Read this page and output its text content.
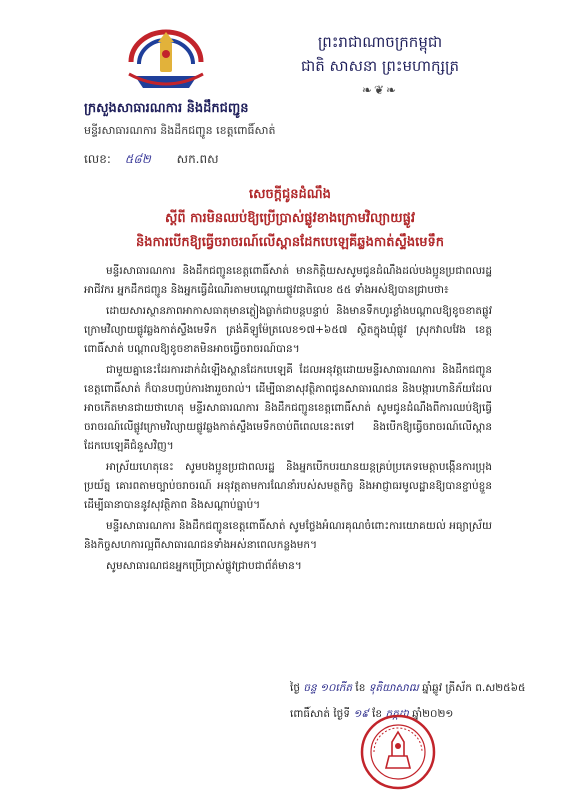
ព្រះរាជាណាចក្រកម្ពុជា
ជាតិ សាសនា ព្រះមហាក្សត្រ
❧❦❧
ក្រសួងសាធារណការ និងដឹកជញ្ជូន
មន្ទីរសាធារណការ និងដឹកជញ្ជូន ខេត្តពោធិ៍សាត់
លេខ: ៥៨២ សក.ពស
សេចក្តីជូនដំណឹង
ស្តីពី ការមិនឈប់ឱ្យប្រើប្រាស់ផ្លូវខាងក្រោមវិល្យាយផ្លូវ
និងការបើកឱ្យធ្វើចរាចរណ៍លើស្ពានដែកបេឡេគីឆ្លងកាត់ស្ទឹងមេទឹក

មន្ទីរសាធារណការ និងដឹកជញ្ជូនខេត្តពោធិ៍សាត់ មានកិត្តិយសសូមជូនដំណឹងដល់បងប្អូនប្រជាពលរដ្ឋ អាជីវករ អ្នកដឹកជញ្ជូន និងអ្នកធ្វើដំណើរតាមបណ្តោយផ្លូវជាតិលេខ ៥៥ ទាំងអស់ឱ្យបានជ្រាបថា៖

ដោយសារស្ថានភាពអាកាសធាតុមានភ្លៀងធ្លាក់ជាបន្តបន្ទាប់ និងមានទឹកហូរខ្លាំងបណ្តាលឱ្យខូចខាតផ្លូវក្រោមវិល្យាយផ្លូវឆ្លងកាត់ស្ទឹងមេទឹក ត្រង់គីឡូម៉ែត្រលេខ១៧+៦៥៧ ស្ថិតក្នុងឃុំផ្លូវ ស្រុកវាលវែង ខេត្តពោធិ៍សាត់ បណ្តាលឱ្យខូចខាតមិនអាចធ្វើចរាចរណ៍បាន។

ជាមួយគ្នានេះដែរការដាក់ដំឡើងស្ពានដែកបេឡេគី ដែលអនុវត្តដោយមន្ទីរសាធារណការ និងដឹកជញ្ជូនខេត្តពោធិ៍សាត់ ក៏បានបញ្ចប់ការងាររួចរាល់។ ដើម្បីធានាសុវត្ថិភាពជូនសាធារណជន និងបង្ការហានិភ័យដែលអាចកើតមានជាយថាហេតុ មន្ទីរសាធារណការ និងដឹកជញ្ជូនខេត្តពោធិ៍សាត់ សូមជូនដំណឹងពីការឈប់ឱ្យធ្វើចរាចរណ៍លើផ្លូវក្រោមវិល្យាយផ្លូវឆ្លងកាត់ស្ទឹងមេទឹកចាប់ពីពេលនេះតទៅ និងបើកឱ្យធ្វើចរាចរណ៍លើស្ពានដែកបេឡេគីជំនួសវិញ។

អាស្រ័យហេតុនេះ សូមបងប្អូនប្រជាពលរដ្ឋ និងអ្នកបើកបរយានយន្តគ្រប់ប្រភេទមេត្តាបង្កើនការប្រុងប្រយ័ត្ន គោរពតាមច្បាប់ចរាចរណ៍ អនុវត្តតាមការណែនាំរបស់សមត្ថកិច្ច និងអាជ្ញាធរមូលដ្ឋានឱ្យបានខ្ជាប់ខ្ជួន ដើម្បីធានាបាននូវសុវត្ថិភាព និងសណ្តាប់ធ្នាប់។

មន្ទីរសាធារណការ និងដឹកជញ្ជូនខេត្តពោធិ៍សាត់ សូមថ្លែងអំណរគុណចំពោះការយោគយល់ អធ្យាស្រ័យ និងកិច្ចសហការល្អពីសាធារណជនទាំងអស់នាពេលកន្លងមក។

សូមសាធារណជនអ្នកប្រើប្រាស់ផ្លូវជ្រាបជាព័ត៌មាន។

ថ្ងៃ ចន្ទ ១០កើត ខែ ទុតិយាសាឍ ឆ្នាំឆ្លូវ ត្រីស័ក ព.ស២៥៦៥
ពោធិ៍សាត់ ថ្ងៃទី ១៩ ខែ កក្កដា ឆ្នាំ២០២១
